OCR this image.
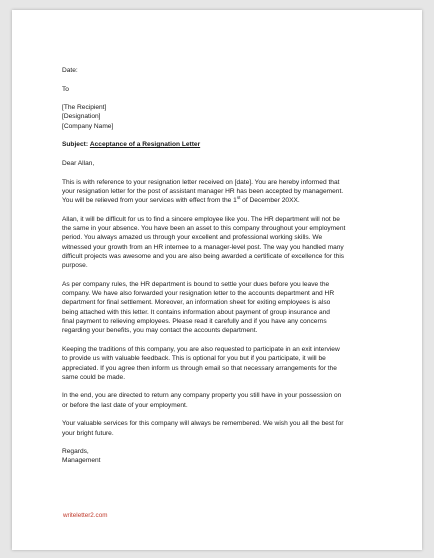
Date:
To
[The Recipient]
[Designation]
[Company Name]
Subject: Acceptance of a Resignation Letter
Dear Allan,
This is with reference to your resignation letter received on [date]. You are hereby informed that
your resignation letter for the post of assistant manager HR has been accepted by management.
You will be relieved from your services with effect from the 1st of December 20XX.
Allan, it will be difficult for us to find a sincere employee like you. The HR department will not be
the same in your absence. You have been an asset to this company throughout your employment
period. You always amazed us through your excellent and professional working skills. We
witnessed your growth from an HR internee to a manager-level post. The way you handled many
difficult projects was awesome and you are also being awarded a certificate of excellence for this
purpose.
As per company rules, the HR department is bound to settle your dues before you leave the
company. We have also forwarded your resignation letter to the accounts department and HR
department for final settlement. Moreover, an information sheet for exiting employees is also
being attached with this letter. It contains information about payment of group insurance and
final payment to relieving employees. Please read it carefully and if you have any concerns
regarding your benefits, you may contact the accounts department.
Keeping the traditions of this company, you are also requested to participate in an exit interview
to provide us with valuable feedback. This is optional for you but if you participate, it will be
appreciated. If you agree then inform us through email so that necessary arrangements for the
same could be made.
In the end, you are directed to return any company property you still have in your possession on
or before the last date of your employment.
Your valuable services for this company will always be remembered. We wish you all the best for
your bright future.
Regards,
Management
writeletter2.com
